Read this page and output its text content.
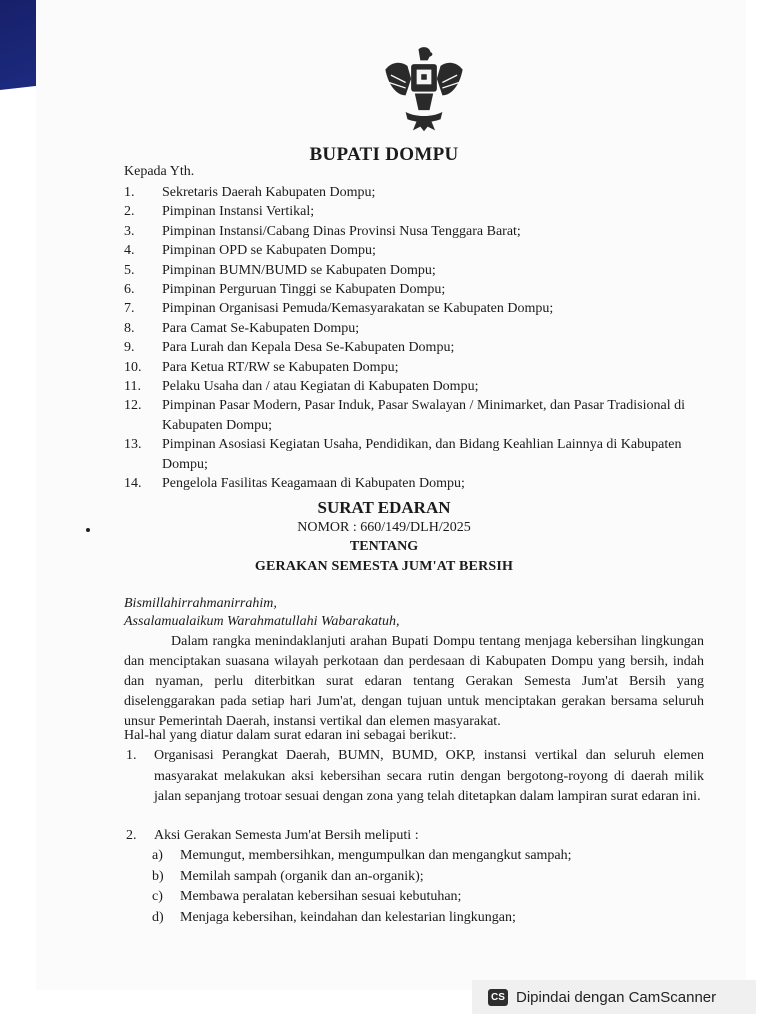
BUPATI DOMPU
Kepada Yth.
1.	Sekretaris Daerah Kabupaten Dompu;
2.	Pimpinan Instansi Vertikal;
3.	Pimpinan Instansi/Cabang Dinas Provinsi Nusa Tenggara Barat;
4.	Pimpinan OPD se Kabupaten Dompu;
5.	Pimpinan BUMN/BUMD se Kabupaten Dompu;
6.	Pimpinan Perguruan Tinggi se Kabupaten Dompu;
7.	Pimpinan Organisasi Pemuda/Kemasyarakatan se Kabupaten Dompu;
8.	Para Camat Se-Kabupaten Dompu;
9.	Para Lurah dan Kepala Desa Se-Kabupaten Dompu;
10.	Para Ketua RT/RW se Kabupaten Dompu;
11.	Pelaku Usaha dan / atau Kegiatan di Kabupaten Dompu;
12.	Pimpinan Pasar Modern, Pasar Induk, Pasar Swalayan / Minimarket, dan Pasar Tradisional di Kabupaten Dompu;
13.	Pimpinan Asosiasi Kegiatan Usaha, Pendidikan, dan Bidang Keahlian Lainnya di Kabupaten Dompu;
14.	Pengelola Fasilitas Keagamaan di Kabupaten Dompu;
SURAT EDARAN
NOMOR : 660/149/DLH/2025
TENTANG
GERAKAN SEMESTA JUM'AT BERSIH
Bismillahirrahmanirrahim,
Assalamualaikum Warahmatullahi Wabarakatuh,
Dalam rangka menindaklanjuti arahan Bupati Dompu tentang menjaga kebersihan lingkungan dan menciptakan suasana wilayah perkotaan dan perdesaan di Kabupaten Dompu yang bersih, indah dan nyaman, perlu diterbitkan surat edaran tentang Gerakan Semesta Jum'at Bersih yang diselenggarakan pada setiap hari Jum'at, dengan tujuan untuk menciptakan gerakan bersama seluruh unsur Pemerintah Daerah, instansi vertikal dan elemen masyarakat.
Hal-hal yang diatur dalam surat edaran ini sebagai berikut:.
1.	Organisasi Perangkat Daerah, BUMN, BUMD, OKP, instansi vertikal dan seluruh elemen masyarakat melakukan aksi kebersihan secara rutin dengan bergotong-royong di daerah milik jalan sepanjang trotoar sesuai dengan zona yang telah ditetapkan dalam lampiran surat edaran ini.
2.	Aksi Gerakan Semesta Jum'at Bersih meliputi :
a)	Memungut, membersihkan, mengumpulkan dan mengangkut sampah;
b)	Memilah sampah (organik dan an-organik);
c)	Membawa peralatan kebersihan sesuai kebutuhan;
d)	Menjaga kebersihan, keindahan dan kelestarian lingkungan;
CS Dipindai dengan CamScanner
